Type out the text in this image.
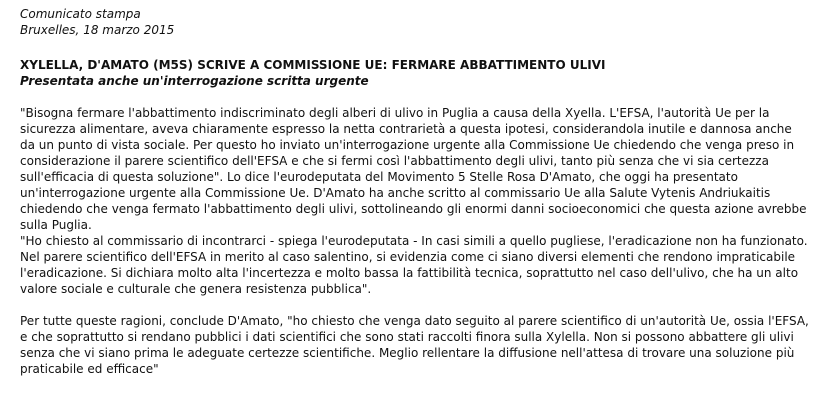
Comunicato stampa
Bruxelles, 18 marzo 2015
XYLELLA, D'AMATO (M5S) SCRIVE A COMMISSIONE UE: FERMARE ABBATTIMENTO ULIVI
Presentata anche un'interrogazione scritta urgente

"Bisogna fermare l'abbattimento indiscriminato degli alberi di ulivo in Puglia a causa della Xyella. L'EFSA, l'autorità Ue per la sicurezza alimentare, aveva chiaramente espresso la netta contrarietà a questa ipotesi, considerandola inutile e dannosa anche da un punto di vista sociale. Per questo ho inviato un'interrogazione urgente alla Commissione Ue chiedendo che venga preso in considerazione il parere scientifico dell'EFSA e che si fermi così l'abbattimento degli ulivi, tanto più senza che vi sia certezza sull'efficacia di questa soluzione". Lo dice l'eurodeputata del Movimento 5 Stelle Rosa D'Amato, che oggi ha presentato un'interrogazione urgente alla Commissione Ue. D'Amato ha anche scritto al commissario Ue alla Salute Vytenis Andriukaitis chiedendo che venga fermato l'abbattimento degli ulivi, sottolineando gli enormi danni socioeconomici che questa azione avrebbe sulla Puglia.

"Ho chiesto al commissario di incontrarci - spiega l'eurodeputata - In casi simili a quello pugliese, l'eradicazione non ha funzionato. Nel parere scientifico dell'EFSA in merito al caso salentino, si evidenzia come ci siano diversi elementi che rendono impraticabile l'eradicazione. Si dichiara molto alta l'incertezza e molto bassa la fattibilità tecnica, soprattutto nel caso dell'ulivo, che ha un alto valore sociale e culturale che genera resistenza pubblica".

Per tutte queste ragioni, conclude D'Amato, "ho chiesto che venga dato seguito al parere scientifico di un'autorità Ue, ossia l'EFSA, e che soprattutto si rendano pubblici i dati scientifici che sono stati raccolti finora sulla Xylella. Non si possono abbattere gli ulivi senza che vi siano prima le adeguate certezze scientifiche. Meglio rellentare la diffusione nell'attesa di trovare una soluzione più praticabile ed efficace"
